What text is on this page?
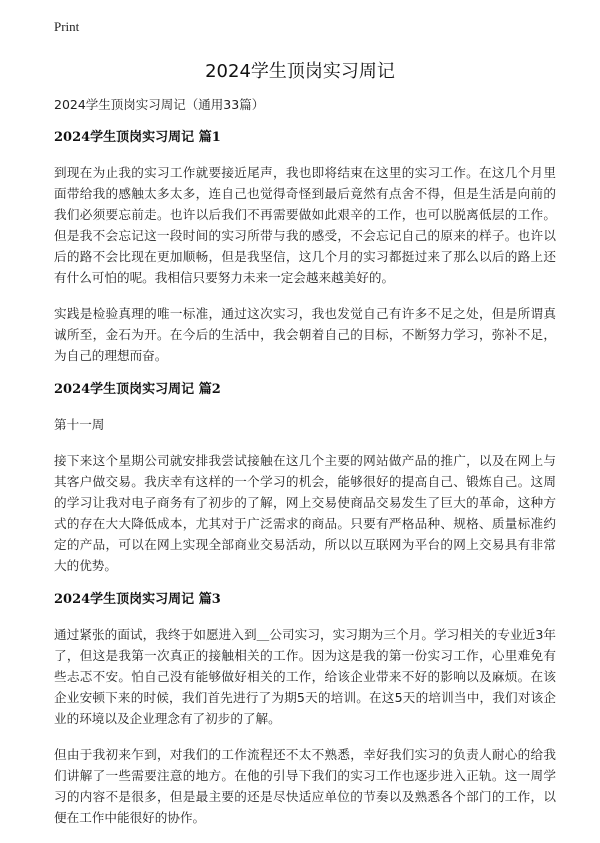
Print
2024学生顶岗实习周记

2024学生顶岗实习周记（通用33篇）

2024学生顶岗实习周记 篇1

到现在为止我的实习工作就要接近尾声，我也即将结束在这里的实习工作。在这几个月里面带给我的感触太多太多，连自己也觉得奇怪到最后竟然有点舍不得，但是生活是向前的我们必须要忘前走。也许以后我们不再需要做如此艰辛的工作，也可以脱离低层的工作。但是我不会忘记这一段时间的实习所带与我的感受，不会忘记自己的原来的样子。也许以后的路不会比现在更加顺畅，但是我坚信，这几个月的实习都挺过来了那么以后的路上还有什么可怕的呢。我相信只要努力未来一定会越来越美好的。

实践是检验真理的唯一标准，通过这次实习，我也发觉自己有许多不足之处，但是所谓真诚所至，金石为开。在今后的生活中，我会朝着自己的目标，不断努力学习，弥补不足，为自己的理想而奋。

2024学生顶岗实习周记 篇2

第十一周

接下来这个星期公司就安排我尝试接触在这几个主要的网站做产品的推广，以及在网上与其客户做交易。我庆幸有这样的一个学习的机会，能够很好的提高自己、锻炼自己。这周的学习让我对电子商务有了初步的了解，网上交易使商品交易发生了巨大的革命，这种方式的存在大大降低成本，尤其对于广泛需求的商品。只要有严格品种、规格、质量标准约定的产品，可以在网上实现全部商业交易活动，所以以互联网为平台的网上交易具有非常大的优势。

2024学生顶岗实习周记 篇3

通过紧张的面试，我终于如愿进入到＿公司实习，实习期为三个月。学习相关的专业近3年了，但这是我第一次真正的接触相关的工作。因为这是我的第一份实习工作，心里难免有些忐忑不安。怕自己没有能够做好相关的工作，给该企业带来不好的影响以及麻烦。在该企业安顿下来的时候，我们首先进行了为期5天的培训。在这5天的培训当中，我们对该企业的环境以及企业理念有了初步的了解。

但由于我初来乍到，对我们的工作流程还不太不熟悉，幸好我们实习的负责人耐心的给我们讲解了一些需要注意的地方。在他的引导下我们的实习工作也逐步进入正轨。这一周学习的内容不是很多，但是最主要的还是尽快适应单位的节奏以及熟悉各个部门的工作，以便在工作中能很好的协作。
